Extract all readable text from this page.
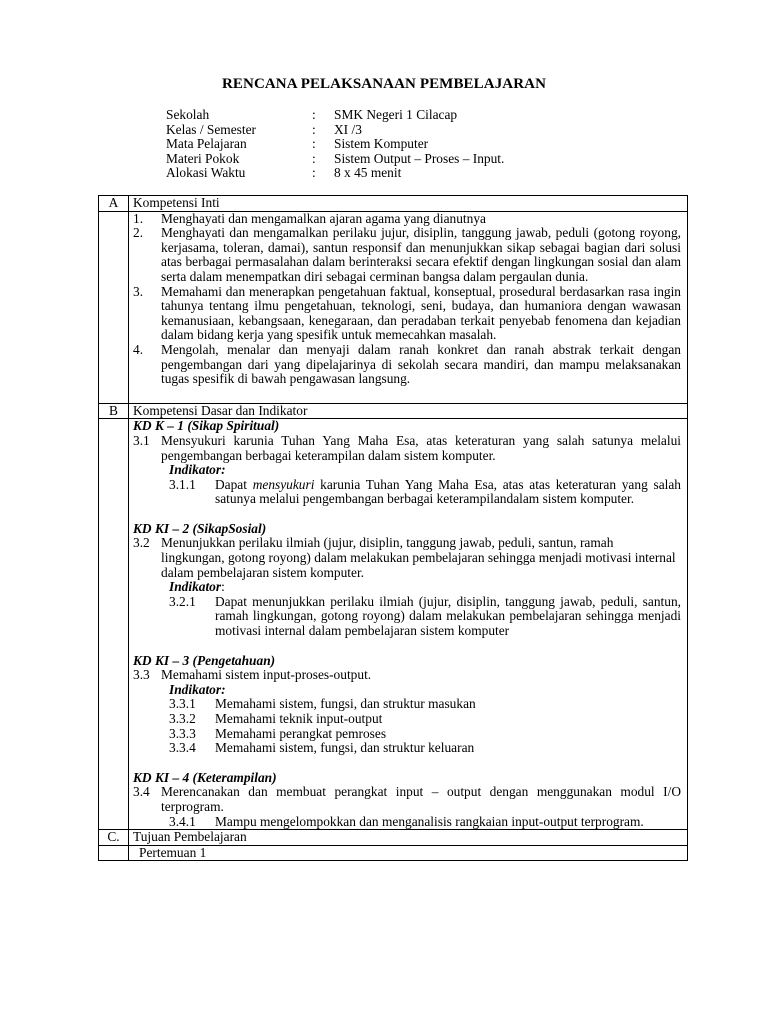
RENCANA PELAKSANAAN PEMBELAJARAN
Sekolah	: SMK Negeri 1 Cilacap
Kelas / Semester	: XI /3
Mata Pelajaran	: Sistem Komputer
Materi Pokok	: Sistem Output – Proses – Input.
Alokasi Waktu	: 8 x 45 menit
A	Kompetensi Inti
1.	Menghayati dan mengamalkan ajaran agama yang dianutnya
2.	Menghayati dan mengamalkan perilaku jujur, disiplin, tanggung jawab, peduli (gotong royong, kerjasama, toleran, damai), santun responsif dan menunjukkan sikap sebagai bagian dari solusi atas berbagai permasalahan dalam berinteraksi secara efektif dengan lingkungan sosial dan alam serta dalam menempatkan diri sebagai cerminan bangsa dalam pergaulan dunia.
3.	Memahami dan menerapkan pengetahuan faktual, konseptual, prosedural berdasarkan rasa ingin tahunya tentang ilmu pengetahuan, teknologi, seni, budaya, dan humaniora dengan wawasan kemanusiaan, kebangsaan, kenegaraan, dan peradaban terkait penyebab fenomena dan kejadian dalam bidang kerja yang spesifik untuk memecahkan masalah.
4.	Mengolah, menalar dan menyaji dalam ranah konkret dan ranah abstrak terkait dengan pengembangan dari yang dipelajarinya di sekolah secara mandiri, dan mampu melaksanakan tugas spesifik di bawah pengawasan langsung.
B	Kompetensi Dasar dan Indikator
KD K – 1 (Sikap Spiritual)
3.1 Mensyukuri karunia Tuhan Yang Maha Esa, atas keteraturan yang salah satunya melalui pengembangan berbagai keterampilan dalam sistem komputer.
Indikator:
3.1.1	Dapat mensyukuri karunia Tuhan Yang Maha Esa, atas atas keteraturan yang salah satunya melalui pengembangan berbagai keterampilandalam sistem komputer.
KD KI – 2 (SikapSosial)
3.2 Menunjukkan perilaku ilmiah (jujur, disiplin, tanggung jawab, peduli, santun, ramah
lingkungan, gotong royong) dalam melakukan pembelajaran sehingga menjadi motivasi internal dalam pembelajaran sistem komputer.
Indikator:
3.2.1	Dapat menunjukkan perilaku ilmiah (jujur, disiplin, tanggung jawab, peduli, santun, ramah lingkungan, gotong royong) dalam melakukan pembelajaran sehingga menjadi motivasi internal dalam pembelajaran sistem komputer
KD KI – 3 (Pengetahuan)
3.3 Memahami sistem input-proses-output.
Indikator:
3.3.1	Memahami sistem, fungsi, dan struktur masukan
3.3.2	Memahami teknik input-output
3.3.3	Memahami perangkat pemroses
3.3.4	Memahami sistem, fungsi, dan struktur keluaran
KD KI – 4 (Keterampilan)
3.4 Merencanakan dan membuat perangkat input – output dengan menggunakan modul I/O terprogram.
3.4.1	Mampu mengelompokkan dan menganalisis rangkaian input-output terprogram.
C. Tujuan Pembelajaran
Pertemuan 1
